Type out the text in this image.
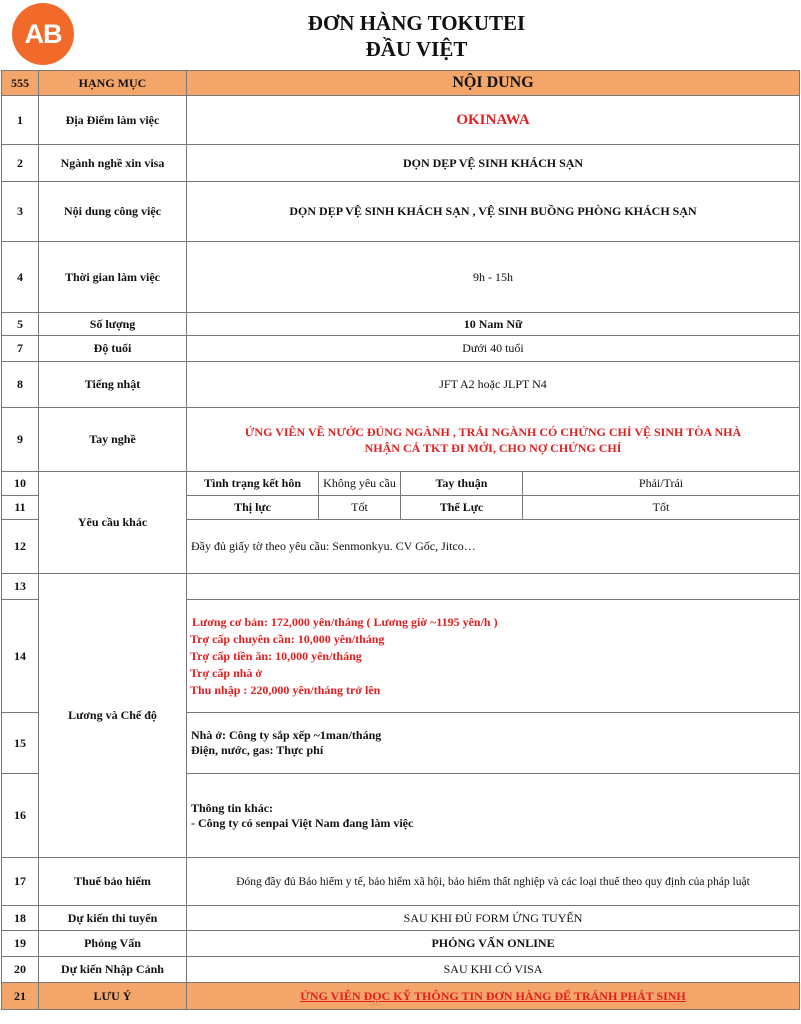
AB	ĐƠN HÀNG TOKUTEI
ĐẦU VIỆT
555	HẠNG MỤC	NỘI DUNG			
1	Địa Điểm làm việc	OKINAWA			
2	Ngành nghề xin visa	DỌN DẸP VỆ SINH KHÁCH SẠN			
3	Nội dung công việc	DỌN DẸP VỆ SINH KHÁCH SẠN , VỆ SINH BUỒNG PHÒNG KHÁCH SẠN			
4	Thời gian làm việc	9h - 15h			
5	Số lượng	10 Nam Nữ			
7	Độ tuổi	Dưới 40 tuổi			
8	Tiếng nhật	JFT A2 hoặc JLPT N4			
9	Tay nghề	ỨNG VIÊN VỀ NƯỚC ĐÚNG NGÀNH , TRÁI NGÀNH CÓ CHỨNG CHỈ VỆ SINH TÒA NHÀ
NHẬN CẢ TKT ĐI MỚI, CHO NỢ CHỨNG CHỈ			

10	Yêu cầu khác	Tình trạng kết hôn	Không yêu cầu	Tay thuận	Phải/Trái
11		Thị lực	Tốt	Thể Lực	Tốt
12		Đầy đủ giấy tờ theo yêu cầu: Senmonkyu. CV Gốc, Jitco…			
13	Lương và Chế độ				
14		Lương cơ bản: 172,000 yên/tháng ( Lương giờ ~1195 yên/h )
Trợ cấp chuyên cần: 10,000 yên/tháng
Trợ cấp tiền ăn: 10,000 yên/tháng
Trợ cấp nhà ở
Thu nhập : 220,000 yên/tháng trở lên			

15		Nhà ở: Công ty sắp xếp ~1man/tháng
Điện, nước, gas: Thực phí			

16		Thông tin khác:
- Công ty có senpai Việt Nam đang làm việc			

17	Thuế bảo hiểm	Đóng đầy đủ Bảo hiểm y tế, bảo hiểm xã hội, bảo hiểm thất nghiệp và các loại thuế theo quy định của pháp luật			
18	Dự kiến thi tuyển	SAU KHI ĐỦ FORM ỨNG TUYỂN			
19	Phỏng Vấn	PHỎNG VẤN ONLINE			
20	Dự kiến Nhập Cảnh	SAU KHI CÓ VISA			
21	LƯU Ý	ỨNG VIÊN ĐỌC KỸ THÔNG TIN ĐƠN HÀNG ĐỂ TRÁNH PHÁT SINH			
